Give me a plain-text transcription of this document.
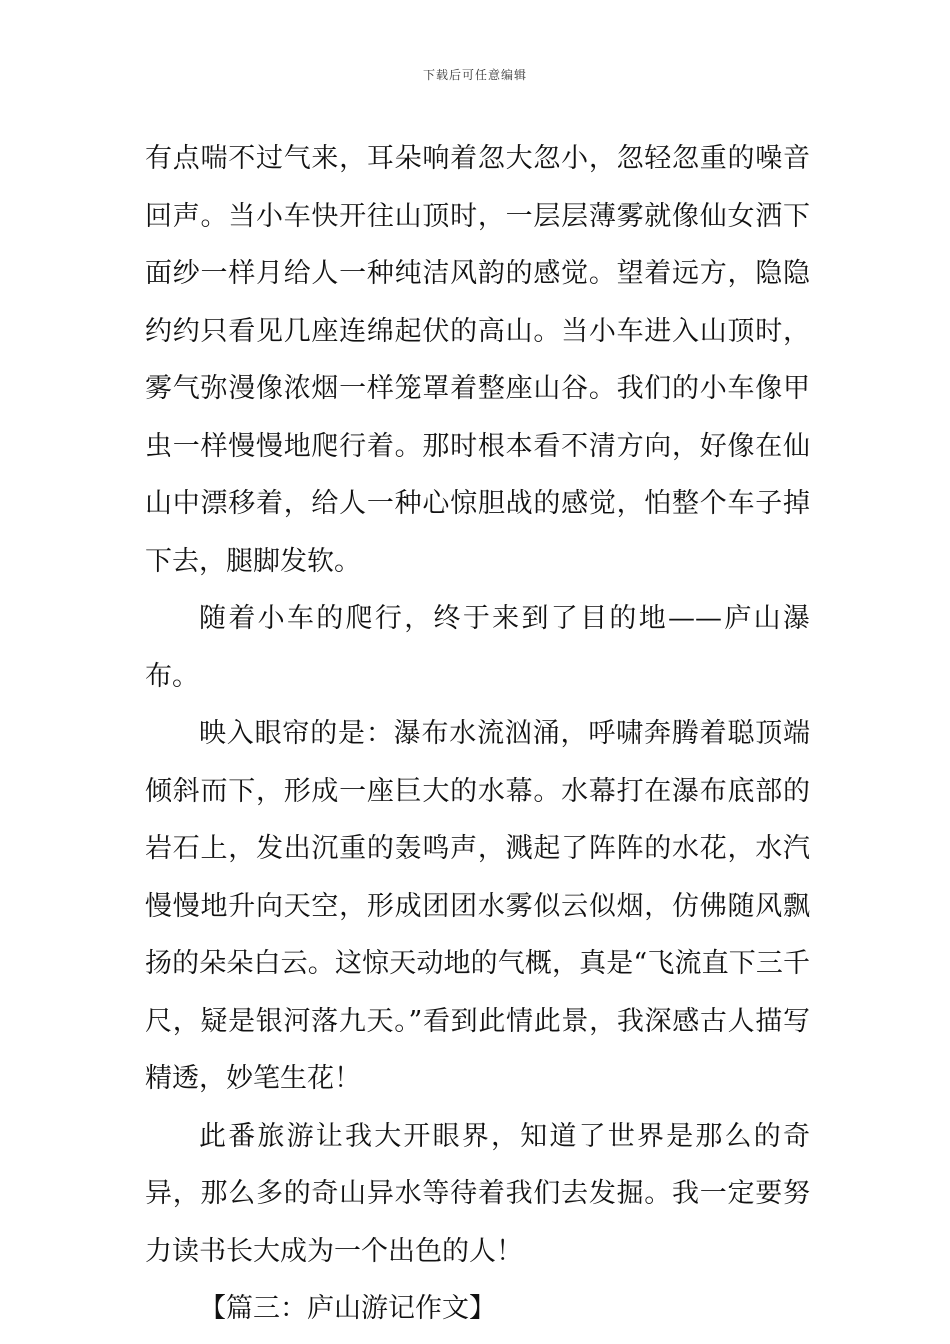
下载后可任意编辑

有点喘不过气来，耳朵响着忽大忽小，忽轻忽重的噪音回声。当小车快开往山顶时，一层层薄雾就像仙女洒下面纱一样月给人一种纯洁风韵的感觉。望着远方，隐隐约约只看见几座连绵起伏的高山。当小车进入山顶时，雾气弥漫像浓烟一样笼罩着整座山谷。我们的小车像甲虫一样慢慢地爬行着。那时根本看不清方向，好像在仙山中漂移着，给人一种心惊胆战的感觉，怕整个车子掉下去，腿脚发软。

随着小车的爬行，终于来到了目的地——庐山瀑布。

映入眼帘的是：瀑布水流汹涌，呼啸奔腾着聪顶端倾斜而下，形成一座巨大的水幕。水幕打在瀑布底部的岩石上，发出沉重的轰鸣声，溅起了阵阵的水花，水汽慢慢地升向天空，形成团团水雾似云似烟，仿佛随风飘扬的朵朵白云。这惊天动地的气概，真是“飞流直下三千尺，疑是银河落九天。”看到此情此景，我深感古人描写精透，妙笔生花！

此番旅游让我大开眼界，知道了世界是那么的奇异，那么多的奇山异水等待着我们去发掘。我一定要努力读书长大成为一个出色的人！

【篇三：庐山游记作文】
